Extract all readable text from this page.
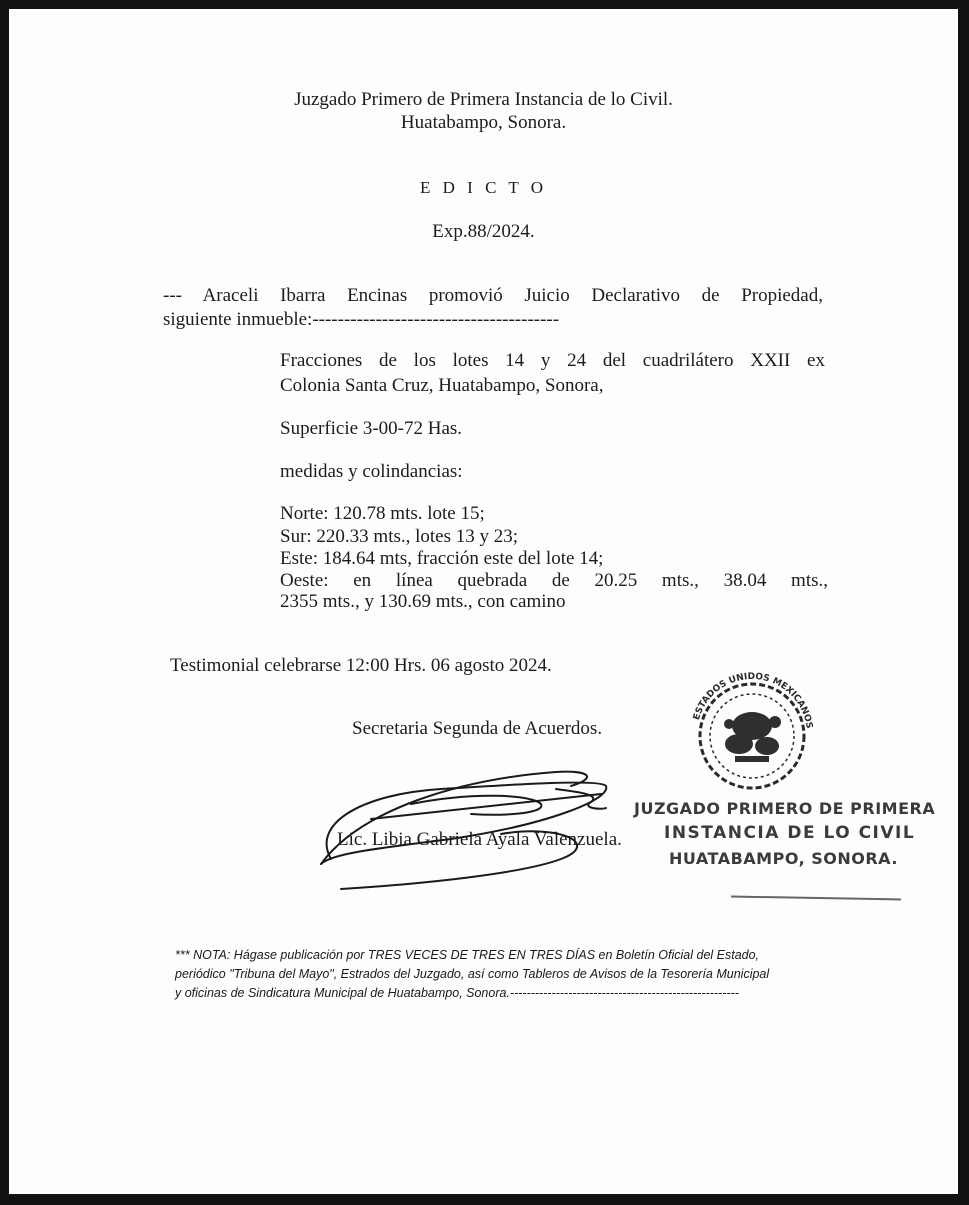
Juzgado Primero de Primera Instancia de lo Civil.
Huatabampo, Sonora.
E D I C T O
Exp.88/2024.
--- Araceli Ibarra Encinas promovió Juicio Declarativo de Propiedad,
siguiente inmueble:---------------------------------------
Fracciones de los lotes 14 y 24 del cuadrilátero XXII ex
Colonia Santa Cruz, Huatabampo, Sonora,
Superficie 3-00-72 Has.
medidas y colindancias:
Norte: 120.78 mts. lote 15;
Sur: 220.33 mts., lotes 13 y 23;
Este: 184.64 mts, fracción este del lote 14;
Oeste: en línea quebrada de 20.25 mts., 38.04 mts.,
2355 mts., y 130.69 mts., con camino
Testimonial celebrarse 12:00 Hrs. 06 agosto 2024.
Secretaria Segunda de Acuerdos.
Lic. Libia Gabriela Ayala Valenzuela.
ESTADOS UNIDOS MEXICANOS
JUZGADO PRIMERO DE PRIMERA
INSTANCIA DE LO CIVIL
HUATABAMPO, SONORA.
*** NOTA: Hágase publicación por TRES VECES DE TRES EN TRES DÍAS en Boletín Oficial del Estado,
periódico "Tribuna del Mayo", Estrados del Juzgado, así como Tableros de Avisos de la Tesorería Municipal
y oficinas de Sindicatura Municipal de Huatabampo, Sonora.-------------------------------------------------------
